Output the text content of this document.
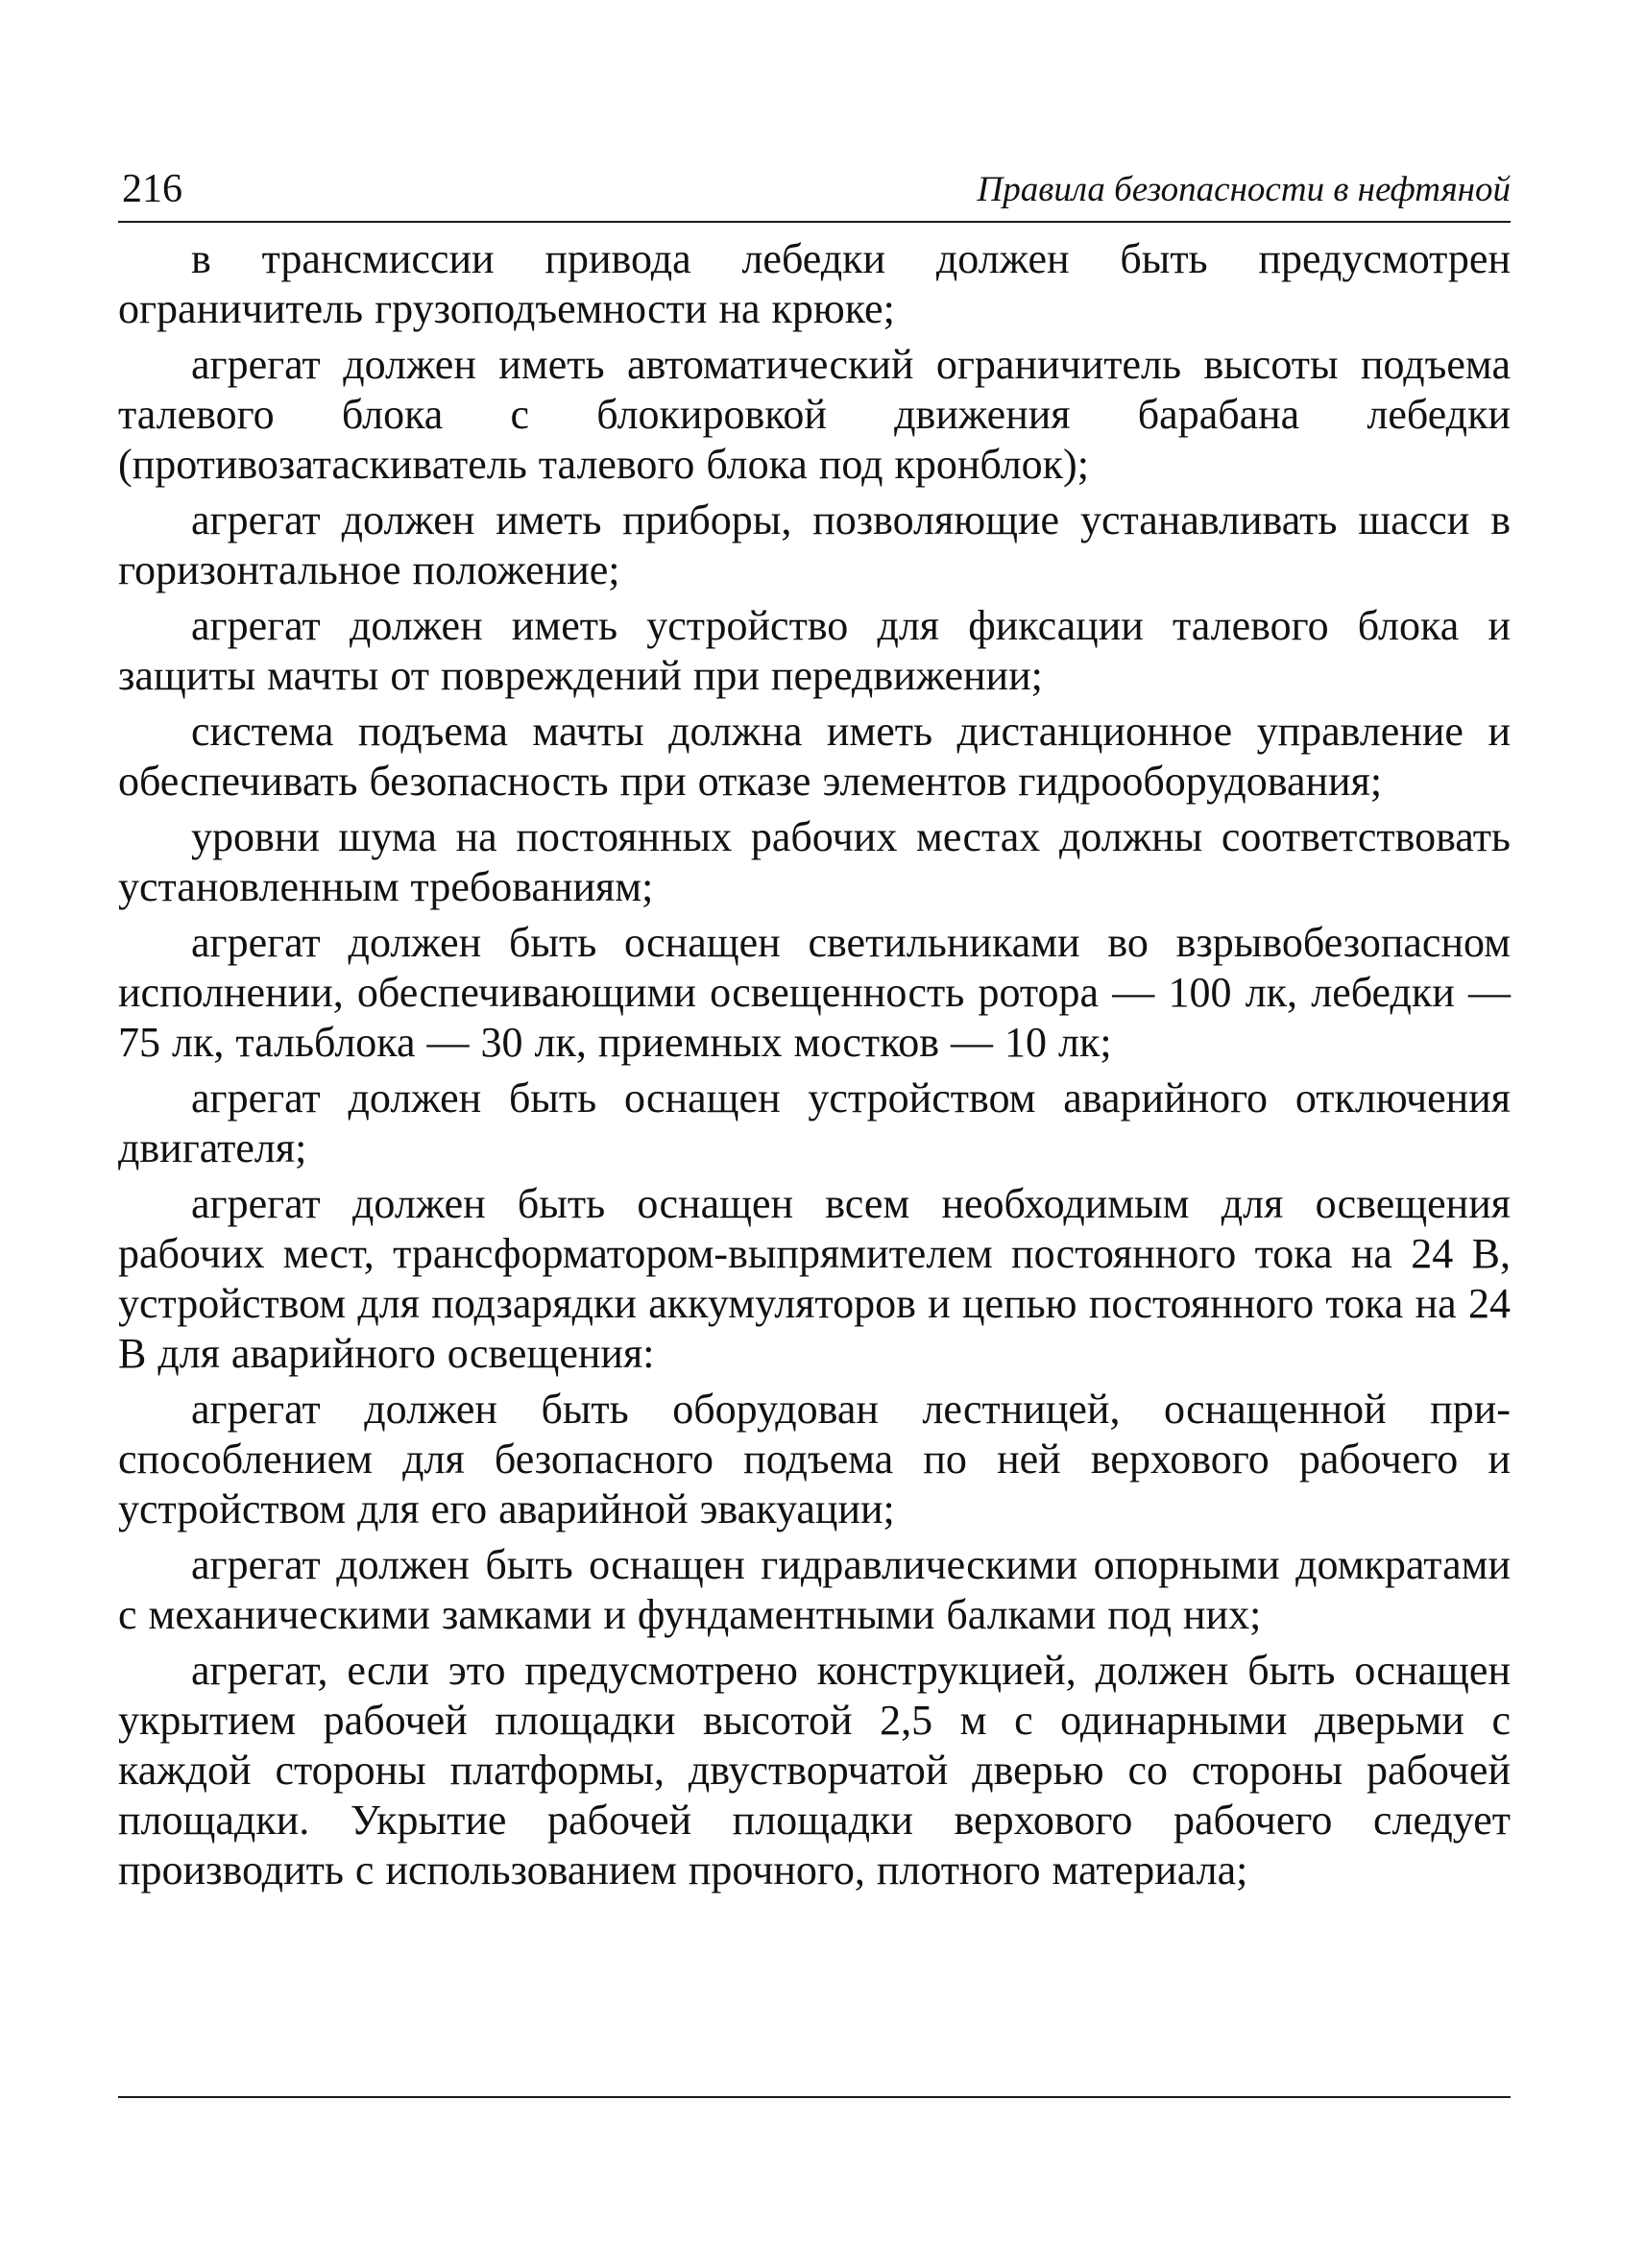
216	Правила безопасности в нефтяной

в трансмиссии привода лебедки должен быть предусмотрен ограничитель грузоподъемности на крюке;

агрегат должен иметь автоматический ограничитель высоты подъема талевого блока с блокировкой движения барабана лебедки (противозатаскиватель талевого блока под кронблок);

агрегат должен иметь приборы, позволяющие устанавливать шасси в горизонтальное положение;

агрегат должен иметь устройство для фиксации талевого блока и защиты мачты от повреждений при передвижении;

система подъема мачты должна иметь дистанционное управление и обеспечивать безопасность при отказе элементов гидрооборудования;

уровни шума на постоянных рабочих местах должны соответствовать установленным требованиям;

агрегат должен быть оснащен светильниками во взрывобезопасном исполнении, обеспечивающими освещенность ротора — 100 лк, лебедки — 75 лк, тальблока — 30 лк, приемных мостков — 10 лк;

агрегат должен быть оснащен устройством аварийного отключения двигателя;

агрегат должен быть оснащен всем необходимым для освещения рабочих мест, трансформатором-выпрямителем постоянного тока на 24 В, устройством для подзарядки аккумуляторов и цепью постоянного тока на 24 В для аварийного освещения:

агрегат должен быть оборудован лестницей, оснащенной приспособлением для безопасного подъема по ней верхового рабочего и устройством для его аварийной эвакуации;

агрегат должен быть оснащен гидравлическими опорными домкратами с механическими замками и фундаментными балками под них;

агрегат, если это предусмотрено конструкцией, должен быть оснащен укрытием рабочей площадки высотой 2,5 м с одинарными дверьми с каждой стороны платформы, двустворчатой дверью со стороны рабочей площадки. Укрытие рабочей площадки верхового рабочего следует производить с использованием прочного, плотного материала;
